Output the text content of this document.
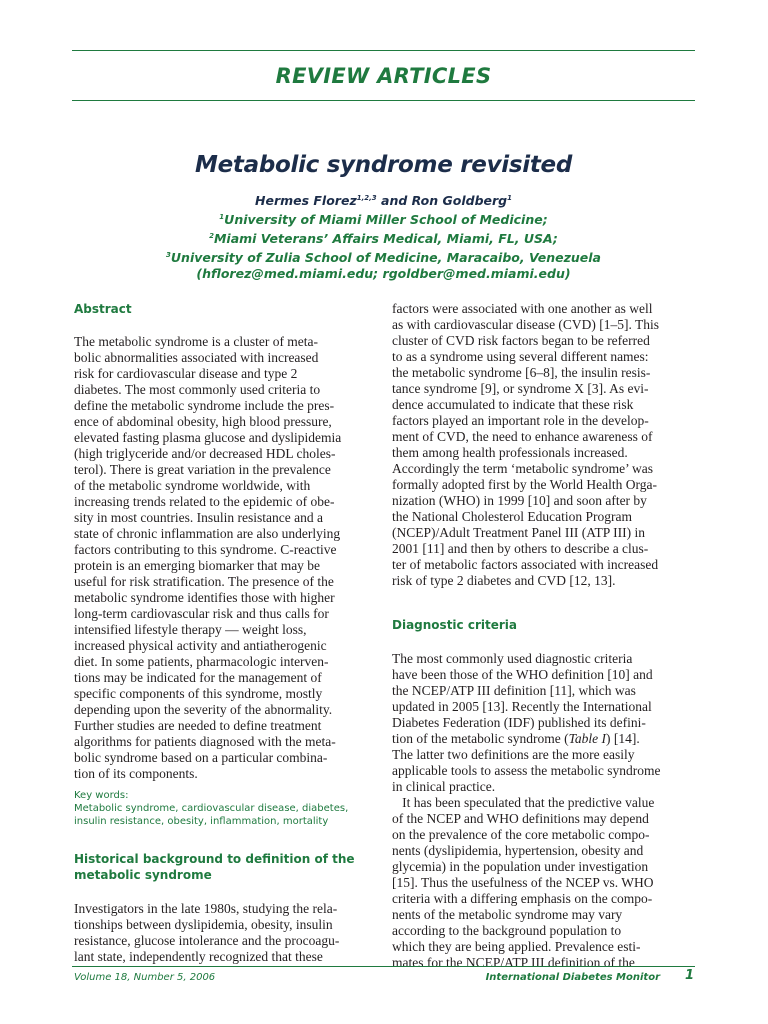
REVIEW ARTICLES
Metabolic syndrome revisited
Hermes Florez$^{1,2,3}$ and Ron Goldberg$^1$
$^1$University of Miami Miller School of Medicine;
$^2$Miami Veterans’ Affairs Medical, Miami, FL, USA;
$^3$University of Zulia School of Medicine, Maracaibo, Venezuela
(hflorez@med.miami.edu; rgoldber@med.miami.edu)
Abstract
The metabolic syndrome is a cluster of meta-
bolic abnormalities associated with increased
risk for cardiovascular disease and type 2
diabetes. The most commonly used criteria to
define the metabolic syndrome include the pres-
ence of abdominal obesity, high blood pressure,
elevated fasting plasma glucose and dyslipidemia
(high triglyceride and/or decreased HDL choles-
terol). There is great variation in the prevalence
of the metabolic syndrome worldwide, with
increasing trends related to the epidemic of obe-
sity in most countries. Insulin resistance and a
state of chronic inflammation are also underlying
factors contributing to this syndrome. C-reactive
protein is an emerging biomarker that may be
useful for risk stratification. The presence of the
metabolic syndrome identifies those with higher
long-term cardiovascular risk and thus calls for
intensified lifestyle therapy — weight loss,
increased physical activity and antiatherogenic
diet. In some patients, pharmacologic interven-
tions may be indicated for the management of
specific components of this syndrome, mostly
depending upon the severity of the abnormality.
Further studies are needed to define treatment
algorithms for patients diagnosed with the meta-
bolic syndrome based on a particular combina-
tion of its components.
Key words:
Metabolic syndrome, cardiovascular disease, diabetes,
insulin resistance, obesity, inflammation, mortality
Historical background to definition of the
metabolic syndrome
Investigators in the late 1980s, studying the rela-
tionships between dyslipidemia, obesity, insulin
resistance, glucose intolerance and the procoagu-
lant state, independently recognized that these
factors were associated with one another as well
as with cardiovascular disease (CVD) [1–5]. This
cluster of CVD risk factors began to be referred
to as a syndrome using several different names:
the metabolic syndrome [6–8], the insulin resis-
tance syndrome [9], or syndrome X [3]. As evi-
dence accumulated to indicate that these risk
factors played an important role in the develop-
ment of CVD, the need to enhance awareness of
them among health professionals increased.
Accordingly the term ‘metabolic syndrome’ was
formally adopted first by the World Health Orga-
nization (WHO) in 1999 [10] and soon after by
the National Cholesterol Education Program
(NCEP)/Adult Treatment Panel III (ATP III) in
2001 [11] and then by others to describe a clus-
ter of metabolic factors associated with increased
risk of type 2 diabetes and CVD [12, 13].
Diagnostic criteria
The most commonly used diagnostic criteria
have been those of the WHO definition [10] and
the NCEP/ATP III definition [11], which was
updated in 2005 [13]. Recently the International
Diabetes Federation (IDF) published its defini-
tion of the metabolic syndrome (Table I) [14].
The latter two definitions are the more easily
applicable tools to assess the metabolic syndrome
in clinical practice.
It has been speculated that the predictive value
of the NCEP and WHO definitions may depend
on the prevalence of the core metabolic compo-
nents (dyslipidemia, hypertension, obesity and
glycemia) in the population under investigation
[15]. Thus the usefulness of the NCEP vs. WHO
criteria with a differing emphasis on the compo-
nents of the metabolic syndrome may vary
according to the background population to
which they are being applied. Prevalence esti-
mates for the NCEP/ATP III definition of the
Volume 18, Number 5, 2006	International Diabetes Monitor	1
